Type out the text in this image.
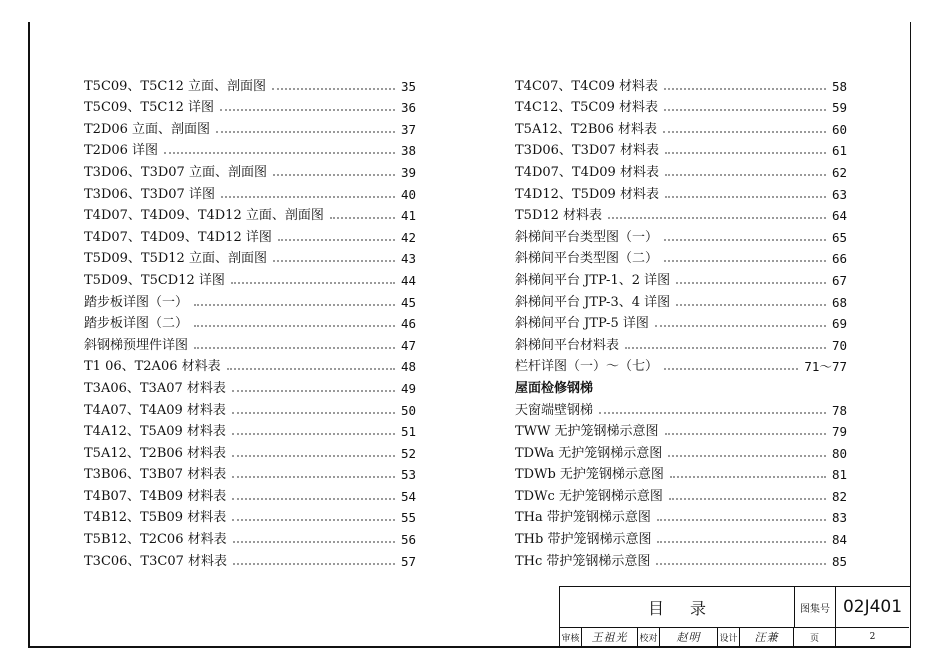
T5C09、T5C12 立面、剖面图	35
T5C09、T5C12 详图	36
T2D06 立面、剖面图	37
T2D06 详图	38
T3D06、T3D07 立面、剖面图	39
T3D06、T3D07 详图	40
T4D07、T4D09、T4D12 立面、剖面图	41
T4D07、T4D09、T4D12 详图	42
T5D09、T5D12 立面、剖面图	43
T5D09、T5CD12 详图	44
踏步板详图（一）	45
踏步板详图（二）	46
斜钢梯预埋件详图	47
T1 06、T2A06 材料表	48
T3A06、T3A07 材料表	49
T4A07、T4A09 材料表	50
T4A12、T5A09 材料表	51
T5A12、T2B06 材料表	52
T3B06、T3B07 材料表	53
T4B07、T4B09 材料表	54
T4B12、T5B09 材料表	55
T5B12、T2C06 材料表	56
T3C06、T3C07 材料表	57
T4C07、T4C09 材料表	58
T4C12、T5C09 材料表	59
T5A12、T2B06 材料表	60
T3D06、T3D07 材料表	61
T4D07、T4D09 材料表	62
T4D12、T5D09 材料表	63
T5D12 材料表	64
斜梯间平台类型图（一）	65
斜梯间平台类型图（二）	66
斜梯间平台 JTP-1、2 详图	67
斜梯间平台 JTP-3、4 详图	68
斜梯间平台 JTP-5 详图	69
斜梯间平台材料表	70
栏杆详图（一）～（七）	71～77
屋面检修钢梯
天窗端壁钢梯	78
TWW 无护笼钢梯示意图	79
TDWa 无护笼钢梯示意图	80
TDWb 无护笼钢梯示意图	81
TDWc 无护笼钢梯示意图	82
THa 带护笼钢梯示意图	83
THb 带护笼钢梯示意图	84
THc 带护笼钢梯示意图	85
目录	图集号 02J401
审核	王祖光	校对	赵明	设计	汪兼	页	2
